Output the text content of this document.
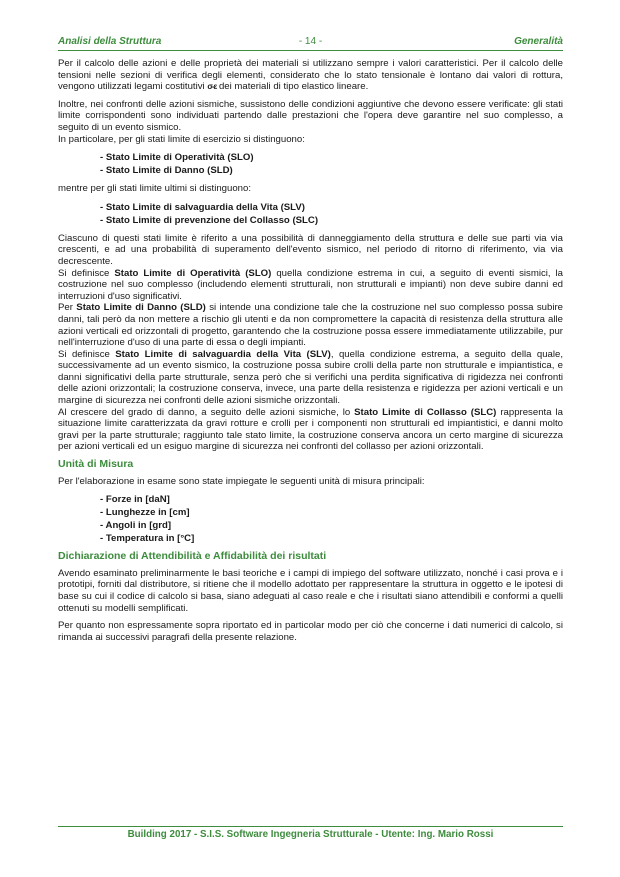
Analisi della Struttura	- 14 -	Generalità

Per il calcolo delle azioni e delle proprietà dei materiali si utilizzano sempre i valori caratteristici. Per il calcolo delle tensioni nelle sezioni di verifica degli elementi, considerato che lo stato tensionale è lontano dai valori di rottura, vengono utilizzati legami costitutivi σ-ε dei materiali di tipo elastico lineare.

Inoltre, nei confronti delle azioni sismiche, sussistono delle condizioni aggiuntive che devono essere verificate: gli stati limite corrispondenti sono individuati partendo dalle prestazioni che l'opera deve garantire nel suo complesso, a seguito di un evento sismico.

In particolare, per gli stati limite di esercizio si distinguono:

- Stato Limite di Operatività (SLO)
- Stato Limite di Danno (SLD)

mentre per gli stati limite ultimi si distinguono:

- Stato Limite di salvaguardia della Vita (SLV)
- Stato Limite di prevenzione del Collasso (SLC)

Ciascuno di questi stati limite è riferito a una possibilità di danneggiamento della struttura e delle sue parti via via crescenti, e ad una probabilità di superamento dell'evento sismico, nel periodo di ritorno di riferimento, via via decrescente.

Si definisce Stato Limite di Operatività (SLO) quella condizione estrema in cui, a seguito di eventi sismici, la costruzione nel suo complesso (includendo elementi strutturali, non strutturali e impianti) non deve subire danni ed interruzioni d'uso significativi.

Per Stato Limite di Danno (SLD) si intende una condizione tale che la costruzione nel suo complesso possa subire danni, tali però da non mettere a rischio gli utenti e da non compromettere la capacità di resistenza della struttura alle azioni verticali ed orizzontali di progetto, garantendo che la costruzione possa essere immediatamente utilizzabile, pur nell'interruzione d'uso di una parte di essa o degli impianti.

Si definisce Stato Limite di salvaguardia della Vita (SLV), quella condizione estrema, a seguito della quale, successivamente ad un evento sismico, la costruzione possa subire crolli della parte non strutturale e impiantistica, e danni significativi della parte strutturale, senza però che si verifichi una perdita significativa di rigidezza nei confronti delle azioni orizzontali; la costruzione conserva, invece, una parte della resistenza e rigidezza per azioni verticali e un margine di sicurezza nei confronti delle azioni sismiche orizzontali.

Al crescere del grado di danno, a seguito delle azioni sismiche, lo Stato Limite di Collasso (SLC) rappresenta la situazione limite caratterizzata da gravi rotture e crolli per i componenti non strutturali ed impiantistici, e danni molto gravi per la parte strutturale; raggiunto tale stato limite, la costruzione conserva ancora un certo margine di sicurezza per azioni verticali ed un esiguo margine di sicurezza nei confronti del collasso per azioni orizzontali.

Unità di Misura

Per l'elaborazione in esame sono state impiegate le seguenti unità di misura principali:

- Forze in [daN]
- Lunghezze in [cm]
- Angoli in [grd]
- Temperatura in [°C]
Dichiarazione di Attendibilità e Affidabilità dei risultati

Avendo esaminato preliminarmente le basi teoriche e i campi di impiego del software utilizzato, nonché i casi prova e i prototipi, forniti dal distributore, si ritiene che il modello adottato per rappresentare la struttura in oggetto e le ipotesi di base su cui il codice di calcolo si basa, siano adeguati al caso reale e che i risultati siano attendibili e conformi a quelli ottenuti su modelli semplificati.

Per quanto non espressamente sopra riportato ed in particolar modo per ciò che concerne i dati numerici di calcolo, si rimanda ai successivi paragrafi della presente relazione.

Building 2017 - S.I.S. Software Ingegneria Strutturale - Utente: Ing. Mario Rossi
